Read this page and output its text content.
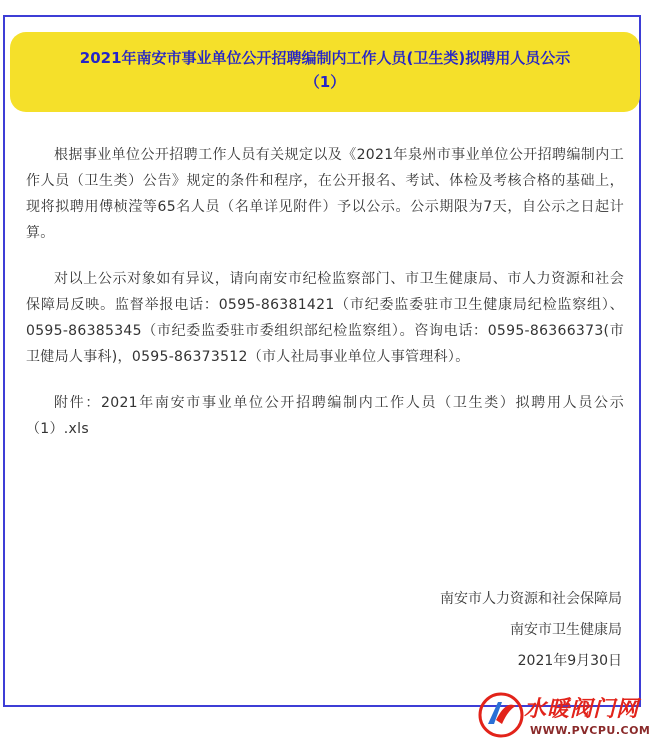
2021年南安市事业单位公开招聘编制内工作人员(卫生类)拟聘用人员公示
（1）

根据事业单位公开招聘工作人员有关规定以及《2021年泉州市事业单位公开招聘编制内工作人员（卫生类）公告》规定的条件和程序，在公开报名、考试、体检及考核合格的基础上，现将拟聘用傅桢滢等65名人员（名单详见附件）予以公示。公示期限为7天，自公示之日起计算。

对以上公示对象如有异议，请向南安市纪检监察部门、市卫生健康局、市人力资源和社会保障局反映。监督举报电话：0595-86381421（市纪委监委驻市卫生健康局纪检监察组）、0595-86385345（市纪委监委驻市委组织部纪检监察组）。咨询电话：0595-86366373(市卫健局人事科)，0595-86373512（市人社局事业单位人事管理科）。

附件：2021年南安市事业单位公开招聘编制内工作人员（卫生类）拟聘用人员公示（1）.xls

南安市人力资源和社会保障局
南安市卫生健康局
2021年9月30日
水暖阀门网
WWW.PVCPU.COM
